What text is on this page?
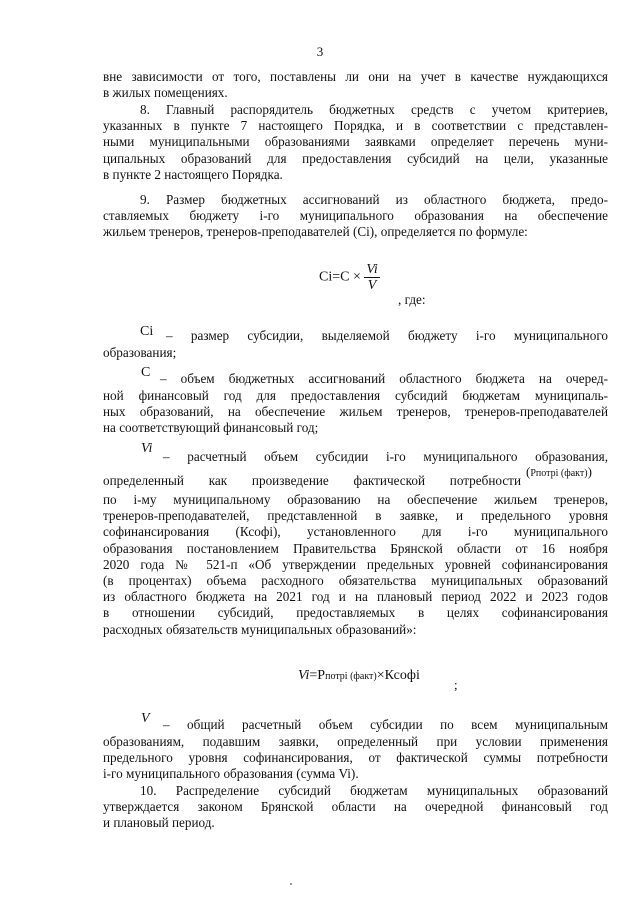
3
вне зависимости от того, поставлены ли они на учет в качестве нуждающихся
в жилых помещениях.
8. Главный распорядитель бюджетных средств с учетом критериев,
указанных в пункте 7 настоящего Порядка, и в соответствии с представлен-
ными муниципальными образованиями заявками определяет перечень муни-
ципальных образований для предоставления субсидий на цели, указанные
в пункте 2 настоящего Порядка.
9. Размер бюджетных ассигнований из областного бюджета, предо-
ставляемых бюджету i-го муниципального образования на обеспечение
жильем тренеров, тренеров-преподавателей (Ci), определяется по формуле:
$Ci=C \times \frac{Vi}{V}$
, где:
Ci – размер субсидии, выделяемой бюджету i-го муниципального
образования;
C – объем бюджетных ассигнований областного бюджета на очеред-
ной финансовый год для предоставления субсидий бюджетам муниципаль-
ных образований, на обеспечение жильем тренеров, тренеров-преподавателей
на соответствующий финансовый год;
Vi
– расчетный объем субсидии i-го муниципального образования,
определенный как произведение фактической потребности
(Pпотрi (факт))
по i-му муниципальному образованию на обеспечение жильем тренеров,
тренеров-преподавателей, представленной в заявке, и предельного уровня
софинансирования (Ксофi), установленного для i-го муниципального
образования постановлением Правительства Брянской области от 16 ноября
2020 года № 521-п «Об утверждении предельных уровней софинансирования
(в процентах) объема расходного обязательства муниципальных образований
из областного бюджета на 2021 год и на плановый период 2022 и 2023 годов
в отношении субсидий, предоставляемых в целях софинансирования
расходных обязательств муниципальных образований»:
Vi=Pпотрi (факт)×Ксофi
;
V – общий расчетный объем субсидии по всем муниципальным
образованиям, подавшим заявки, определенный при условии применения
предельного уровня софинансирования, от фактической суммы потребности
i-го муниципального образования (сумма Vi).
10. Распределение субсидий бюджетам муниципальных образований
утверждается законом Брянской области на очередной финансовый год
и плановый период.
